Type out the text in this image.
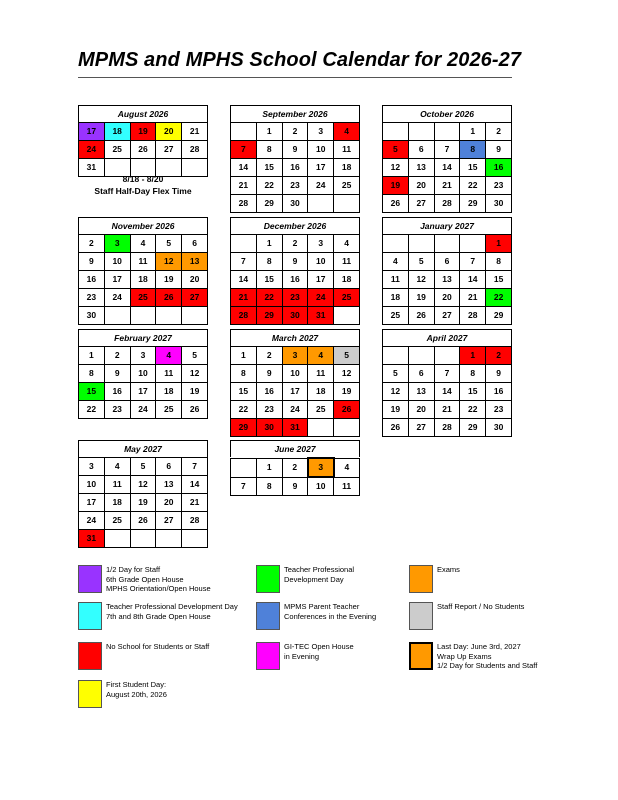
MPMS and MPHS School Calendar for 2026-27
August 2026
17	18	19	20	21
24	25	26	27	28
31				
September 2026
	1	2	3	4
7	8	9	10	11
14	15	16	17	18
21	22	23	24	25
28	29	30		
October 2026
			1	2
5	6	7	8	9
12	13	14	15	16
19	20	21	22	23
26	27	28	29	30
November 2026
2	3	4	5	6
9	10	11	12	13
16	17	18	19	20
23	24	25	26	27
30				
December 2026
	1	2	3	4
7	8	9	10	11
14	15	16	17	18
21	22	23	24	25
28	29	30	31	
January 2027
				1
4	5	6	7	8
11	12	13	14	15
18	19	20	21	22
25	26	27	28	29
February 2027
1	2	3	4	5
8	9	10	11	12
15	16	17	18	19
22	23	24	25	26
March 2027
1	2	3	4	5
8	9	10	11	12
15	16	17	18	19
22	23	24	25	26
29	30	31		
April 2027
			1	2
5	6	7	8	9
12	13	14	15	16
19	20	21	22	23
26	27	28	29	30
May 2027
3	4	5	6	7
10	11	12	13	14
17	18	19	20	21
24	25	26	27	28
31				
June 2027
	1	2	3	4
7	8	9	10	11
8/18 - 8/20
Staff Half-Day Flex Time
1/2 Day for Staff
6th Grade Open House
MPHS Orientation/Open House
Teacher Professional
Development Day
Exams
Teacher Professional Development Day
7th and 8th Grade Open House
MPMS Parent Teacher
Conferences in the Evening
Staff Report / No Students
No School for Students or Staff	GI-TEC Open House
in Evening
Last Day: June 3rd, 2027
Wrap Up Exams
1/2 Day for Students and Staff
First Student Day:
August 20th, 2026
